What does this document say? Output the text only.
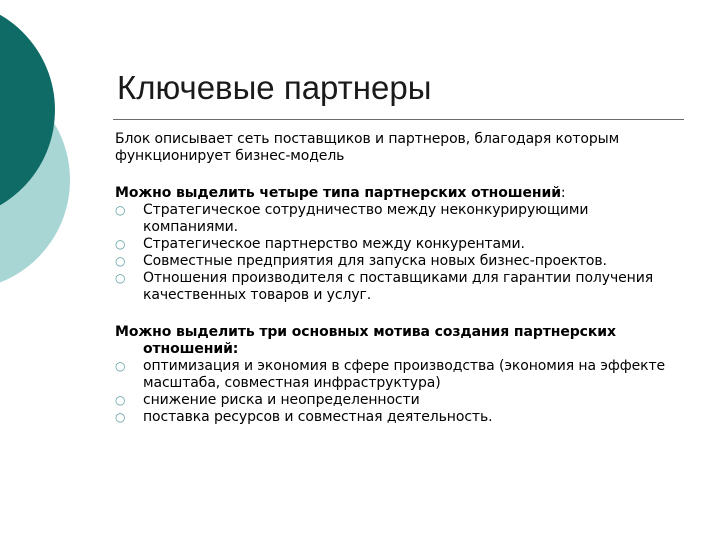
Ключевые партнеры

Блок описывает сеть поставщиков и партнеров, благодаря которым функционирует бизнес-модель

Можно выделить четыре типа партнерских отношений:

○ Стратегическое сотрудничество между неконкурирующими компаниями.
○ Стратегическое партнерство между конкурентами.
○ Совместные предприятия для запуска новых бизнес-проектов.
○ Отношения производителя с поставщиками для гарантии получения качественных товаров и услуг.

Можно выделить три основных мотива создания партнерских отношений:

○ оптимизация и экономия в сфере производства (экономия на эффекте масштаба, совместная инфраструктура)
○ снижение риска и неопределенности
○ поставка ресурсов и совместная деятельность.
